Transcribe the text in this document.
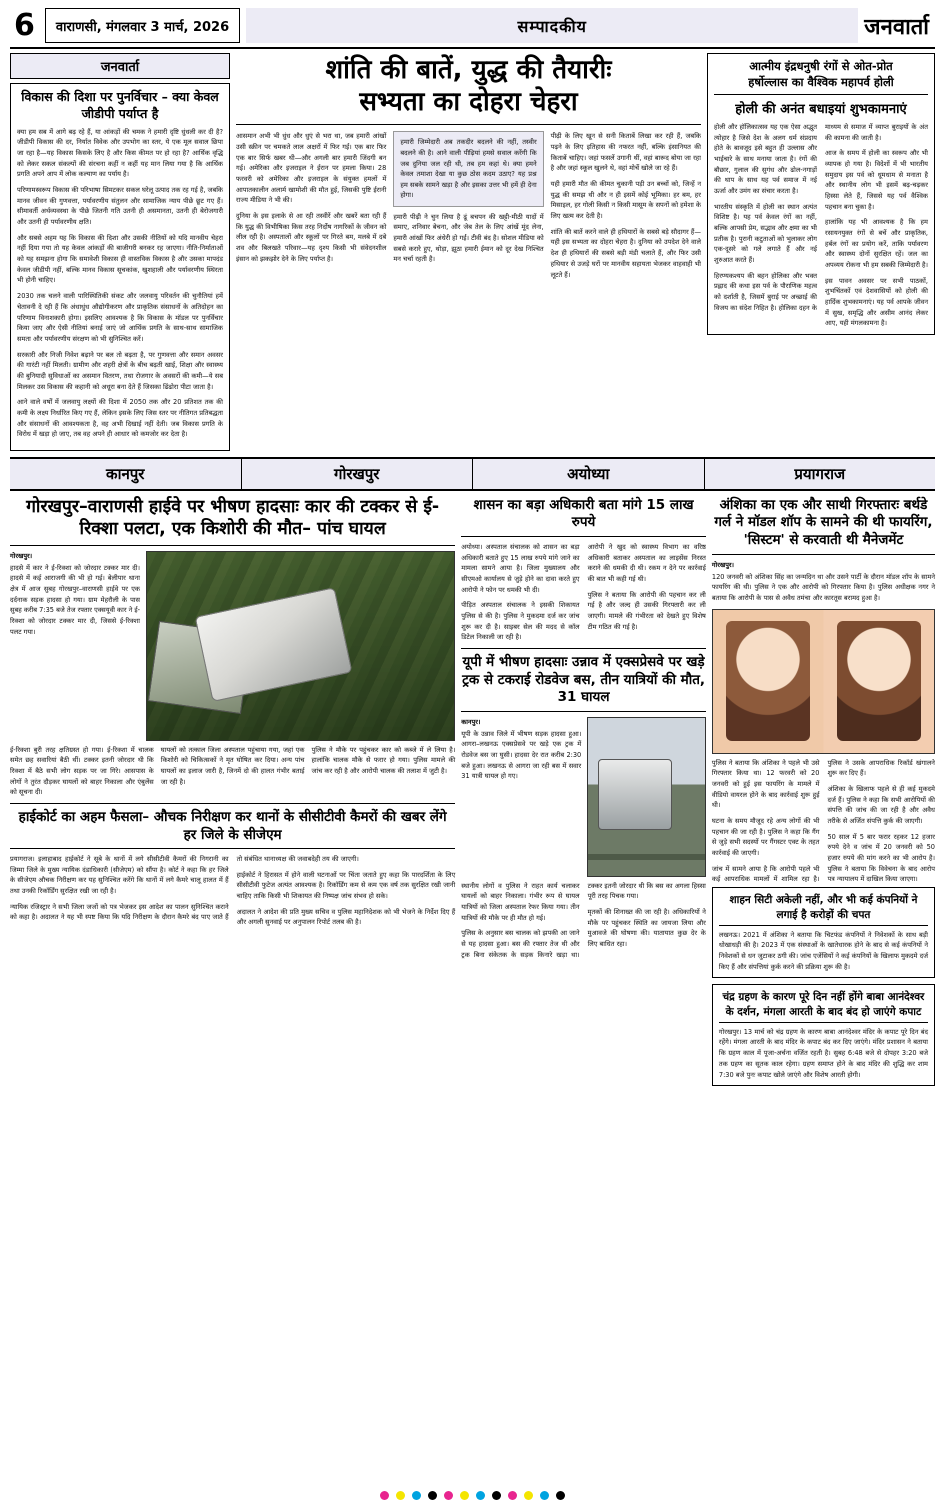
6	वाराणसी, मंगलवार 3 मार्च, 2026	सम्पादकीय	जनवार्ता
जनवार्ता
विकास की दिशा पर पुनर्विचार – क्या केवल जीडीपी पर्याप्त है

क्या हम सब में आगे बढ़ रहे हैं, या आंकड़ों की चमक ने हमारी दृष्टि धुंधली कर दी है? जीडीपी विकास की दर, निर्यात विवेक और उपभोग का स्तर, ये एक मूल सवाल छिपा जा रहा है—यह विकास किसके लिए है और किस कीमत पर हो रहा है? आर्थिक वृद्धि को लेकर सकल संकल्पों की संरचना कहीं न कहीं यह मान लिया गया है कि आर्थिक प्रगति अपने आप में लोक कल्याण का पर्याय है।

परिणामस्वरूप विकास की परिभाषा सिमटकर सकल घरेलू उत्पाद तक रह गई है, जबकि मानव जीवन की गुणवत्ता, पर्यावरणीय संतुलन और सामाजिक न्याय पीछे छूट गए हैं। सीमावर्ती अर्थव्यवस्था के पीछे जितनी गति उतनी ही असमानता, उतनी ही बेरोजगारी और उतनी ही पर्यावरणीय क्षति।

और सबसे अहम यह कि विकास की दिशा और उसकी नीतियों को यदि मानवीय चेहरा नहीं दिया गया तो यह केवल आंकड़ों की बाजीगरी बनकर रह जाएगा। नीति-निर्माताओं को यह समझना होगा कि समावेशी विकास ही वास्तविक विकास है और उसका मापदंड केवल जीडीपी नहीं, बल्कि मानव विकास सूचकांक, खुशहाली और पर्यावरणीय स्थिरता भी होनी चाहिए।

2030 तक चलने वाली पारिस्थितिकी संकट और जलवायु परिवर्तन की चुनौतियां हमें चेतावनी दे रही हैं कि अंधाधुंध औद्योगीकरण और प्राकृतिक संसाधनों के अतिदोहन का परिणाम विनाशकारी होगा। इसलिए आवश्यक है कि विकास के मॉडल पर पुनर्विचार किया जाए और ऐसी नीतियां बनाई जाएं जो आर्थिक प्रगति के साथ-साथ सामाजिक समता और पर्यावरणीय संरक्षण को भी सुनिश्चित करें।

सरकारी और निजी निवेश बढ़ाने पर बल तो बढ़ता है, पर गुणवत्ता और समान अवसर की गारंटी नहीं मिलती। ग्रामीण और शहरी क्षेत्रों के बीच बढ़ती खाई, शिक्षा और स्वास्थ्य की बुनियादी सुविधाओं का असमान वितरण, तथा रोजगार के अवसरों की कमी—ये सब मिलकर उस विकास की कहानी को अधूरा बना देते हैं जिसका ढिंढोरा पीटा जाता है।

आने वाले वर्षों में जलवायु लक्ष्यों की दिशा में 2050 तक और 20 प्रतिशत तक की कमी के लक्ष्य निर्धारित किए गए हैं, लेकिन इसके लिए जिस स्तर पर नीतिगत प्रतिबद्धता और संसाधनों की आवश्यकता है, वह अभी दिखाई नहीं देती। जब विकास प्रगति के विरोध में खड़ा हो जाए, तब वह अपने ही आधार को कमजोर कर देता है।

शांति की बातें, युद्ध की तैयारीः
सभ्यता का दोहरा चेहरा

आसमान अभी भी धुंध और धुएं से भरा था, जब हमारी आंखों उसी स्क्रीन पर चमकते लाल अक्षरों में फिर गईं। एक बार फिर एक बार सिर्फ खबर थी—और अगली बार हमारी जिंदगी बन गई। अमेरिका और इजराइल ने ईरान पर हमला किया। 28 फरवरी को अमेरिका और इजराइल के संयुक्त हमलों में आपातकालीन अलार्म खामोशी की मौत हुई, जिसकी पुष्टि ईरानी राज्य मीडिया ने भी की।

दुनिया के इस इलाके से आ रही तस्वीरें और खबरें बता रही हैं कि युद्ध की विभीषिका किस तरह निर्दोष नागरिकों के जीवन को लील रही है। अस्पतालों और स्कूलों पर गिरते बम, मलबे में दबे शव और बिलखते परिवार—यह दृश्य किसी भी संवेदनशील इंसान को झकझोर देने के लिए पर्याप्त है।

हमारी जिम्मेदारी अब तकदीर बदलने की नहीं, तस्वीर बदलने की है। आने वाली पीढ़ियां हमसे सवाल करेंगी कि जब दुनिया जल रही थी, तब हम कहां थे। क्या हमने केवल तमाशा देखा या कुछ ठोस कदम उठाए? यह प्रश्न हम सबके सामने खड़ा है और इसका उत्तर भी हमें ही देना होगा।

हमारी पीढ़ी ने चुन लिया है ढूं बचपन की खट्टी-मीठी यादों में समाए, शनिवार बेचना, और जेब तेल के लिए आंखें मूंद लेना, हमारी आंखों फिर अंधेरी हो गईं। टीवी बंद है। सोशल मीडिया को सबसे करारे हुए, थोड़ा, झूठा हमारी ईमान को दूर देख निश्चित मन चर्चा रहती है।

पीढ़ी के लिए खून से सनी किताबें लिखा कर रही हैं, जबकि पढ़ने के लिए इतिहास की नफरत नहीं, बल्कि इंसानियत की किताबें चाहिए। जहां फसलें उगानी थीं, वहां बारूद बोया जा रहा है और जहां स्कूल खुलने थे, वहां मोर्चे खोले जा रहे हैं।

यही हमारी मौत की कीमत चुकानी पड़ी उन बच्चों को, जिन्हें न युद्ध की समझ थी और न ही इसमें कोई भूमिका। हर बम, हर मिसाइल, हर गोली किसी न किसी मासूम के सपनों को हमेशा के लिए खत्म कर देती है।

शांति की बातें करने वाले ही हथियारों के सबसे बड़े सौदागर हैं—यही इस सभ्यता का दोहरा चेहरा है। दुनिया को उपदेश देने वाले देश ही हथियारों की सबसे बड़ी मंडी चलाते हैं, और फिर उसी हथियार से उजड़े घरों पर मानवीय सहायता भेजकर वाहवाही भी लूटते हैं।

आत्मीय इंद्रधनुषी रंगों से ओत-प्रोत
हर्षोल्लास का वैश्विक महापर्व होली
होली की अनंत बधाइयां शुभकामनाएं

होली और हॉलिकात्सव यह एक ऐसा अद्भुत त्योहार है जिसे देश के अलग धर्म संप्रदाय होते के बावजूद इसे बहुत ही उल्लास और भाईचारे के साथ मनाया जाता है। रंगों की बौछार, गुलाल की सुगंध और ढोल-नगाड़ों की थाप के साथ यह पर्व समाज में नई ऊर्जा और उमंग का संचार करता है।

भारतीय संस्कृति में होली का स्थान अत्यंत विशिष्ट है। यह पर्व केवल रंगों का नहीं, बल्कि आपसी प्रेम, सद्भाव और क्षमा का भी प्रतीक है। पुरानी कटुताओं को भुलाकर लोग एक-दूसरे को गले लगाते हैं और नई शुरुआत करते हैं।

हिरण्यकश्यप की बहन होलिका और भक्त प्रह्लाद की कथा इस पर्व के पौराणिक महत्व को दर्शाती है, जिसमें बुराई पर अच्छाई की विजय का संदेश निहित है। होलिका दहन के माध्यम से समाज में व्याप्त बुराइयों के अंत की कामना की जाती है।

आज के समय में होली का स्वरूप और भी व्यापक हो गया है। विदेशों में भी भारतीय समुदाय इस पर्व को धूमधाम से मनाता है और स्थानीय लोग भी इसमें बढ़-चढ़कर हिस्सा लेते हैं, जिससे यह पर्व वैश्विक पहचान बना चुका है।

हालांकि यह भी आवश्यक है कि हम रसायनयुक्त रंगों से बचें और प्राकृतिक, हर्बल रंगों का प्रयोग करें, ताकि पर्यावरण और स्वास्थ्य दोनों सुरक्षित रहें। जल का अपव्यय रोकना भी हम सबकी जिम्मेदारी है।

इस पावन अवसर पर सभी पाठकों, शुभचिंतकों एवं देशवासियों को होली की हार्दिक शुभकामनाएं। यह पर्व आपके जीवन में सुख, समृद्धि और असीम आनंद लेकर आए, यही मंगलकामना है।

कानपुर	गोरखपुर	अयोध्या	प्रयागराज
गोरखपुर–वाराणसी हाईवे पर भीषण हादसाः कार की टक्कर से ई-रिक्शा पलटा, एक किशोरी की मौत– पांच घायल
गोरखपुर।

हादसे में कार ने ई-रिक्शा को जोरदार टक्कर मार दी। हादसे में कई आराजगी की भी हो गई। बेलीपार थाना क्षेत्र में आज सुबह गोरखपुर–वाराणसी हाईवे पर एक दर्दनाक सड़क हादसा हो गया। ग्राम मेहरौली के पास सुबह करीब 7:35 बजे तेज रफ्तार एक्सयूवी कार ने ई-रिक्शा को जोरदार टक्कर मार दी, जिससे ई-रिक्शा पलट गया।

ई-रिक्शा बुरी तरह क्षतिग्रस्त हो गया। ई-रिक्शा में चालक समेत छह सवारियां बैठी थीं। टक्कर इतनी जोरदार थी कि रिक्शा में बैठे सभी लोग सड़क पर जा गिरे। आसपास के लोगों ने तुरंत दौड़कर घायलों को बाहर निकाला और एंबुलेंस को सूचना दी।

घायलों को तत्काल जिला अस्पताल पहुंचाया गया, जहां एक किशोरी को चिकित्सकों ने मृत घोषित कर दिया। अन्य पांच घायलों का इलाज जारी है, जिनमें दो की हालत गंभीर बताई जा रही है।

पुलिस ने मौके पर पहुंचकर कार को कब्जे में ले लिया है। हालांकि चालक मौके से फरार हो गया। पुलिस मामले की जांच कर रही है और आरोपी चालक की तलाश में जुटी है।

हाईकोर्ट का अहम फैसला– औचक निरीक्षण कर थानों के सीसीटीवी कैमरों की खबर लेंगे हर जिले के सीजेएम

प्रयागराज। इलाहाबाद हाईकोर्ट ने सूबे के थानों में लगे सीसीटीवी कैमरों की निगरानी का जिम्मा जिले के मुख्य न्यायिक दंडाधिकारी (सीजेएम) को सौंपा है। कोर्ट ने कहा कि हर जिले के सीजेएम औचक निरीक्षण कर यह सुनिश्चित करेंगे कि थानों में लगे कैमरे चालू हालत में हैं तथा उनकी रिकॉर्डिंग सुरक्षित रखी जा रही है।

न्यायिक रजिस्ट्रार ने सभी जिला जजों को पत्र भेजकर इस आदेश का पालन सुनिश्चित कराने को कहा है। अदालत ने यह भी स्पष्ट किया कि यदि निरीक्षण के दौरान कैमरे बंद पाए जाते हैं तो संबंधित थानाध्यक्ष की जवाबदेही तय की जाएगी।

हाईकोर्ट ने हिरासत में होने वाली घटनाओं पर चिंता जताते हुए कहा कि पारदर्शिता के लिए सीसीटीवी फुटेज अत्यंत आवश्यक है। रिकॉर्डिंग कम से कम एक वर्ष तक सुरक्षित रखी जानी चाहिए ताकि किसी भी शिकायत की निष्पक्ष जांच संभव हो सके।

अदालत ने आदेश की प्रति मुख्य सचिव व पुलिस महानिदेशक को भी भेजने के निर्देश दिए हैं और अगली सुनवाई पर अनुपालन रिपोर्ट तलब की है।

शासन का बड़ा अधिकारी बता मांगे 15 लाख रुपये

अयोध्या। अस्पताल संचालक को शासन का बड़ा अधिकारी बताते हुए 15 लाख रुपये मांगे जाने का मामला सामने आया है। जिला मुख्यालय और सीएमओ कार्यालय से जुड़े होने का दावा करते हुए आरोपी ने फोन पर धमकी भी दी।

पीड़ित अस्पताल संचालक ने इसकी शिकायत पुलिस से की है। पुलिस ने मुकदमा दर्ज कर जांच शुरू कर दी है। साइबर सेल की मदद से कॉल डिटेल निकाली जा रही है।

आरोपी ने खुद को स्वास्थ्य विभाग का वरिष्ठ अधिकारी बताकर अस्पताल का लाइसेंस निरस्त कराने की धमकी दी थी। रकम न देने पर कार्रवाई की बात भी कही गई थी।

पुलिस ने बताया कि आरोपी की पहचान कर ली गई है और जल्द ही उसकी गिरफ्तारी कर ली जाएगी। मामले की गंभीरता को देखते हुए विशेष टीम गठित की गई है।

यूपी में भीषण हादसाः उन्नाव में एक्सप्रेसवे पर खड़े ट्रक से टकराई रोडवेज बस, तीन यात्रियों की मौत, 31 घायल
कानपुर।

यूपी के उन्नाव जिले में भीषण सड़क हादसा हुआ। आगरा–लखनऊ एक्सप्रेसवे पर खड़े एक ट्रक में रोडवेज बस जा घुसी। हादसा देर रात करीब 2:30 बजे हुआ। लखनऊ से आगरा जा रही बस में सवार 31 यात्री घायल हो गए।

स्थानीय लोगों व पुलिस ने राहत कार्य चलाकर घायलों को बाहर निकाला। गंभीर रूप से घायल यात्रियों को जिला अस्पताल रेफर किया गया। तीन यात्रियों की मौके पर ही मौत हो गई।

पुलिस के अनुसार बस चालक को झपकी आ जाने से यह हादसा हुआ। बस की रफ्तार तेज थी और ट्रक बिना संकेतक के सड़क किनारे खड़ा था। टक्कर इतनी जोरदार थी कि बस का अगला हिस्सा पूरी तरह पिचक गया।

मृतकों की शिनाख्त की जा रही है। अधिकारियों ने मौके पर पहुंचकर स्थिति का जायजा लिया और मुआवजे की घोषणा की। यातायात कुछ देर के लिए बाधित रहा।

अंशिका का एक और साथी गिरफ्तारः बर्थडे गर्ल ने मॉडल शॉप के सामने की थी फायरिंग, 'सिस्टम' से करवाती थी मैनेजमेंट
गोरखपुर।

120 जनवरी को अंशिका सिंह का जन्मदिन था और उसने पार्टी के दौरान मॉडल शॉप के सामने फायरिंग की थी। पुलिस ने एक और आरोपी को गिरफ्तार किया है। पुलिस अधीक्षक नगर ने बताया कि आरोपी के पास से अवैध तमंचा और कारतूस बरामद हुआ है।

पुलिस ने बताया कि अंशिका ने पहले भी उसे गिरफ्तार किया था। 12 फरवरी को 20 जनवरी को हुई इस फायरिंग के मामले में वीडियो वायरल होने के बाद कार्रवाई शुरू हुई थी।

घटना के समय मौजूद रहे अन्य लोगों की भी पहचान की जा रही है। पुलिस ने कहा कि गैंग से जुड़े सभी सदस्यों पर गैंगस्टर एक्ट के तहत कार्रवाई की जाएगी।

जांच में सामने आया है कि आरोपी पहले भी कई आपराधिक मामलों में शामिल रहा है। पुलिस ने उसके आपराधिक रिकॉर्ड खंगालने शुरू कर दिए हैं।

अंशिका के खिलाफ पहले से ही कई मुकदमे दर्ज हैं। पुलिस ने कहा कि सभी आरोपियों की संपत्ति की जांच की जा रही है और अवैध तरीके से अर्जित संपत्ति कुर्क की जाएगी।

50 साल में 5 बार फरार रहकर 12 हजार रुपये देने व जांच में 20 जनवरी को 50 हजार रुपये की मांग करने का भी आरोप है। पुलिस ने बताया कि विवेचना के बाद आरोप पत्र न्यायालय में दाखिल किया जाएगा।

शाहन सिटी अकेली नहीं, और भी कई कंपनियों ने लगाई है करोड़ों की चपत
लखनऊ। 2021 में अंशिका ने बताया कि चिटफंड कंपनियों ने निवेशकों के साथ बड़ी धोखाधड़ी की है। 2023 में एक संस्थाओं के खातेधारक होने के बाद से कई कंपनियों ने निवेशकों से धन जुटाकर ठगी की। जांच एजेंसियों ने कई कंपनियों के खिलाफ मुकदमे दर्ज किए हैं और संपत्तियां कुर्क करने की प्रक्रिया शुरू की है।
चंद्र ग्रहण के कारण पूरे दिन नहीं होंगे बाबा आनंदेश्वर के दर्शन, मंगला आरती के बाद बंद हो जाएंगे कपाट
गोरखपुर। 13 मार्च को चंद्र ग्रहण के कारण बाबा आनंदेश्वर मंदिर के कपाट पूरे दिन बंद रहेंगे। मंगला आरती के बाद मंदिर के कपाट बंद कर दिए जाएंगे। मंदिर प्रशासन ने बताया कि ग्रहण काल में पूजा-अर्चना वर्जित रहती है। सुबह 6:48 बजे से दोपहर 3:20 बजे तक ग्रहण का सूतक काल रहेगा। ग्रहण समाप्त होने के बाद मंदिर की शुद्धि कर शाम 7:30 बजे पुनः कपाट खोले जाएंगे और विशेष आरती होगी।
